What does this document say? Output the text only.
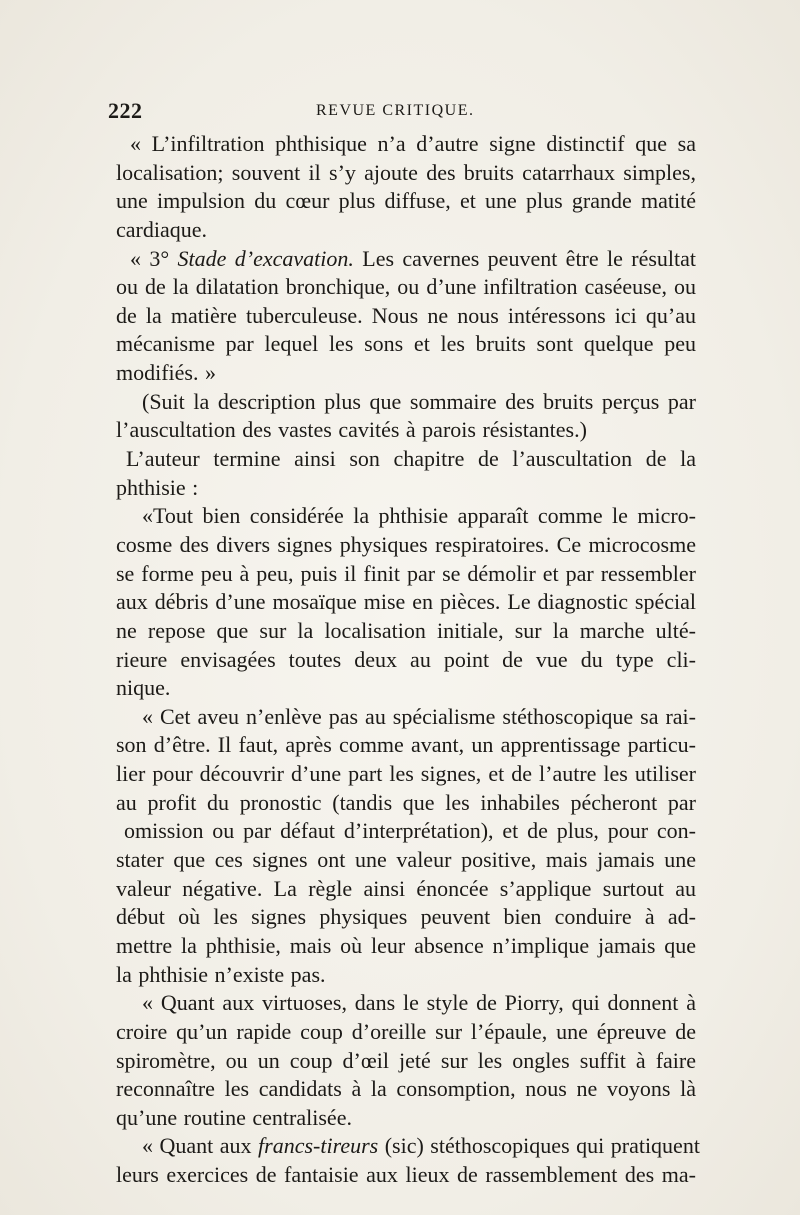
222	REVUE CRITIQUE.
« L’infiltration phthisique n’a d’autre signe distinctif que sa
localisation; souvent il s’y ajoute des bruits catarrhaux simples,
une impulsion du cœur plus diffuse, et une plus grande matité
cardiaque.
« 3° Stade d’excavation. Les cavernes peuvent être le résultat
ou de la dilatation bronchique, ou d’une infiltration caséeuse, ou
de la matière tuberculeuse. Nous ne nous intéressons ici qu’au
mécanisme par lequel les sons et les bruits sont quelque peu
modifiés. »
(Suit la description plus que sommaire des bruits perçus par
l’auscultation des vastes cavités à parois résistantes.)
L’auteur termine ainsi son chapitre de l’auscultation de la
phthisie :
«Tout bien considérée la phthisie apparaît comme le micro-
cosme des divers signes physiques respiratoires. Ce microcosme
se forme peu à peu, puis il finit par se démolir et par ressembler
aux débris d’une mosaïque mise en pièces. Le diagnostic spécial
ne repose que sur la localisation initiale, sur la marche ulté-
rieure envisagées toutes deux au point de vue du type cli-
nique.
« Cet aveu n’enlève pas au spécialisme stéthoscopique sa rai-
son d’être. Il faut, après comme avant, un apprentissage particu-
lier pour découvrir d’une part les signes, et de l’autre les utiliser
au profit du pronostic (tandis que les inhabiles pécheront par
omission ou par défaut d’interprétation), et de plus, pour con-
stater que ces signes ont une valeur positive, mais jamais une
valeur négative. La règle ainsi énoncée s’applique surtout au
début où les signes physiques peuvent bien conduire à ad-
mettre la phthisie, mais où leur absence n’implique jamais que
la phthisie n’existe pas.
« Quant aux virtuoses, dans le style de Piorry, qui donnent à
croire qu’un rapide coup d’oreille sur l’épaule, une épreuve de
spiromètre, ou un coup d’œil jeté sur les ongles suffit à faire
reconnaître les candidats à la consomption, nous ne voyons là
qu’une routine centralisée.
« Quant aux francs-tireurs (sic) stéthoscopiques qui pratiquent
leurs exercices de fantaisie aux lieux de rassemblement des ma-
